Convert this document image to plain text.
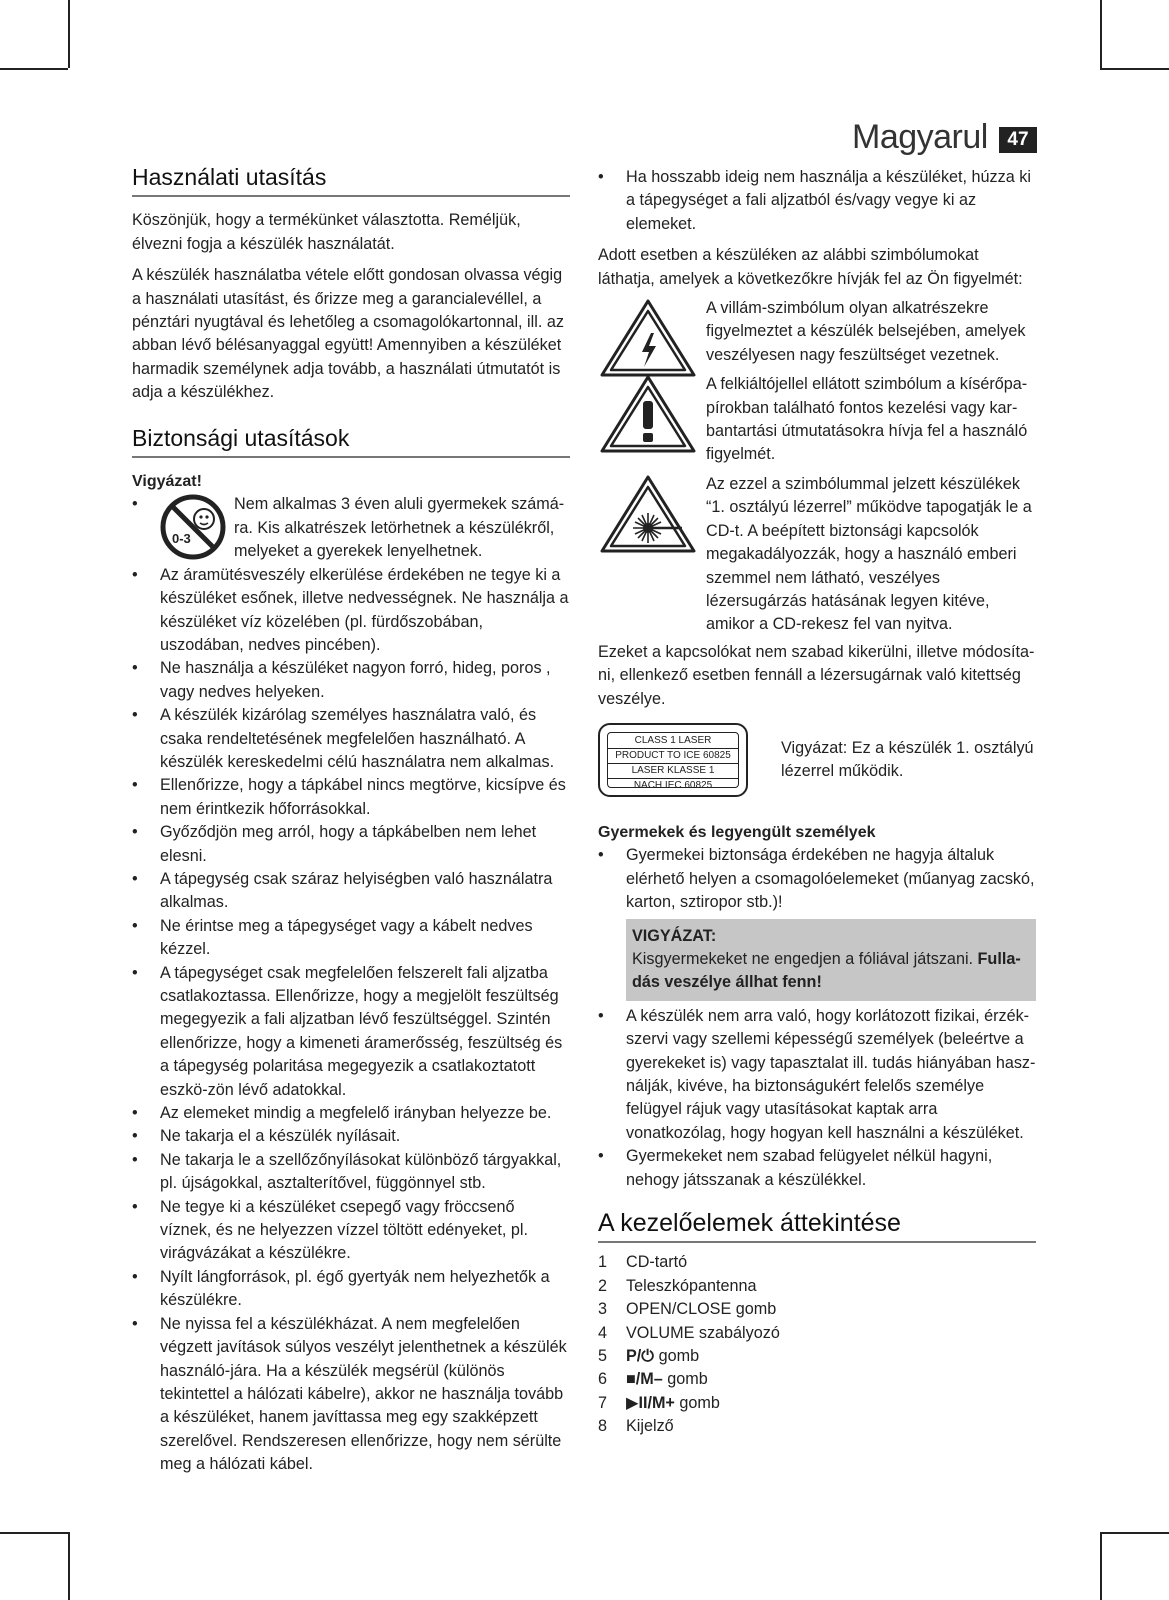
Magyarul	47
Használati utasítás

Köszönjük, hogy a termékünket választotta. Reméljük, élvezni fogja a készülék használatát.

A készülék használatba vétele előtt gondosan olvassa végig a használati utasítást, és őrizze meg a garancialevéllel, a pénztári nyugtával és lehetőleg a csomagolókartonnal, ill. az abban lévő bélésanyaggal együtt! Amennyiben a készüléket harmadik személynek adja tovább, a használati útmutatót is adja a készülékhez.

Biztonsági utasítások

Vigyázat!

• 0-3
Nem alkalmas 3 éven aluli gyermekek számá-ra. Kis alkatrészek letörhetnek a készülékről, melyeket a gyerekek lenyelhetnek.
• Az áramütésveszély elkerülése érdekében ne tegye ki a készüléket esőnek, illetve nedvességnek. Ne használja a készüléket víz közelében (pl. fürdőszobában, uszodában, nedves pincében).
• Ne használja a készüléket nagyon forró, hideg, poros , vagy nedves helyeken.
• A készülék kizárólag személyes használatra való, és csaka rendeltetésének megfelelően használható. A készülék kereskedelmi célú használatra nem alkalmas.
• Ellenőrizze, hogy a tápkábel nincs megtörve, kicsípve és nem érintkezik hőforrásokkal.
• Győződjön meg arról, hogy a tápkábelben nem lehet elesni.
• A tápegység csak száraz helyiségben való használatra alkalmas.
• Ne érintse meg a tápegységet vagy a kábelt nedves kézzel.
• A tápegységet csak megfelelően felszerelt fali aljzatba csatlakoztassa. Ellenőrizze, hogy a megjelölt feszültség megegyezik a fali aljzatban lévő feszültséggel. Szintén ellenőrizze, hogy a kimeneti áramerősség, feszültség és a tápegység polaritása megegyezik a csatlakoztatott eszkö-zön lévő adatokkal.
• Az elemeket mindig a megfelelő irányban helyezze be.
• Ne takarja el a készülék nyílásait.
• Ne takarja le a szellőzőnyílásokat különböző tárgyakkal, pl. újságokkal, asztalterítővel, függönnyel stb.
• Ne tegye ki a készüléket csepegő vagy fröccsenő víznek, és ne helyezzen vízzel töltött edényeket, pl. virágvázákat a készülékre.
• Nyílt lángforrások, pl. égő gyertyák nem helyezhetők a készülékre.
• Ne nyissa fel a készülékházat. A nem megfelelően végzett javítások súlyos veszélyt jelenthetnek a készülék használó-jára. Ha a készülék megsérül (különös tekintettel a hálózati kábelre), akkor ne használja tovább a készüléket, hanem javíttassa meg egy szakképzett szerelővel. Rendszeresen ellenőrizze, hogy nem sérülte meg a hálózati kábel.
• Ha hosszabb ideig nem használja a készüléket, húzza ki a tápegységet a fali aljzatból és/vagy vegye ki az elemeket.

Adott esetben a készüléken az alábbi szimbólumokat láthatja, amelyek a következőkre hívják fel az Ön figyelmét:

A villám-szimbólum olyan alkatrészekre figyelmeztet a készülék belsejében, amelyek veszélyesen nagy feszültséget vezetnek.
A felkiáltójellel ellátott szimbólum a kísérőpa-pírokban található fontos kezelési vagy kar-bantartási útmutatásokra hívja fel a használó figyelmét.
Az ezzel a szimbólummal jelzett készülékek “1. osztályú lézerrel” működve tapogatják le a CD-t. A beépített biztonsági kapcsolók megakadályozzák, hogy a használó emberi szemmel nem látható, veszélyes lézersugárzás hatásának legyen kitéve, amikor a CD-rekesz fel van nyitva.

Ezeket a kapcsolókat nem szabad kikerülni, illetve módosíta-ni, ellenkező esetben fennáll a lézersugárnak való kitettség veszélye.

CLASS 1 LASER
PRODUCT TO ICE 60825
LASER KLASSE 1
NACH IEC 60825
Vigyázat: Ez a készülék 1. osztályú lézerrel működik.

Gyermekek és legyengült személyek

• Gyermekei biztonsága érdekében ne hagyja általuk elérhető helyen a csomagolóelemeket (műanyag zacskó, karton, sztiropor stb.)!
VIGYÁZAT:
Kisgyermekeket ne engedjen a fóliával játszani. Fulla-dás veszélye állhat fenn!
• A készülék nem arra való, hogy korlátozott fizikai, érzék-szervi vagy szellemi képességű személyek (beleértve a gyerekeket is) vagy tapasztalat ill. tudás hiányában hasz-nálják, kivéve, ha biztonságukért felelős személye felügyel rájuk vagy utasításokat kaptak arra vonatkozólag, hogy hogyan kell használni a készüléket.
• Gyermekeket nem szabad felügyelet nélkül hagyni, nehogy játsszanak a készülékkel.
A kezelőelemek áttekintése
1 CD-tartó
2 Teleszkópantenna
3 OPEN/CLOSE gomb
4 VOLUME szabályozó
5 P/⏻ gomb
6 ■/M– gomb
7 ▶II/M+ gomb
8 Kijelző
